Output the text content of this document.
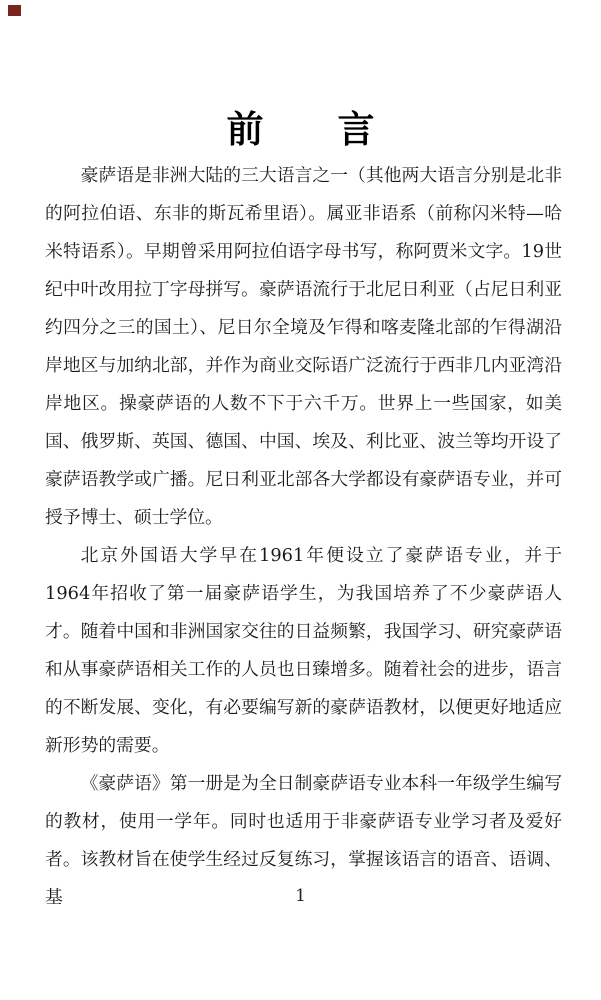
前　　言

豪萨语是非洲大陆的三大语言之一（其他两大语言分别是北非的阿拉伯语、东非的斯瓦希里语）。属亚非语系（前称闪米特—哈米特语系）。早期曾采用阿拉伯语字母书写，称阿贾米文字。19世纪中叶改用拉丁字母拼写。豪萨语流行于北尼日利亚（占尼日利亚约四分之三的国土）、尼日尔全境及乍得和喀麦隆北部的乍得湖沿岸地区与加纳北部，并作为商业交际语广泛流行于西非几内亚湾沿岸地区。操豪萨语的人数不下于六千万。世界上一些国家，如美国、俄罗斯、英国、德国、中国、埃及、利比亚、波兰等均开设了豪萨语教学或广播。尼日利亚北部各大学都设有豪萨语专业，并可授予博士、硕士学位。

北京外国语大学早在1961年便设立了豪萨语专业，并于1964年招收了第一届豪萨语学生，为我国培养了不少豪萨语人才。随着中国和非洲国家交往的日益频繁，我国学习、研究豪萨语和从事豪萨语相关工作的人员也日臻增多。随着社会的进步，语言的不断发展、变化，有必要编写新的豪萨语教材，以便更好地适应新形势的需要。

《豪萨语》第一册是为全日制豪萨语专业本科一年级学生编写的教材，使用一学年。同时也适用于非豪萨语专业学习者及爱好者。该教材旨在使学生经过反复练习，掌握该语言的语音、语调、基	1
